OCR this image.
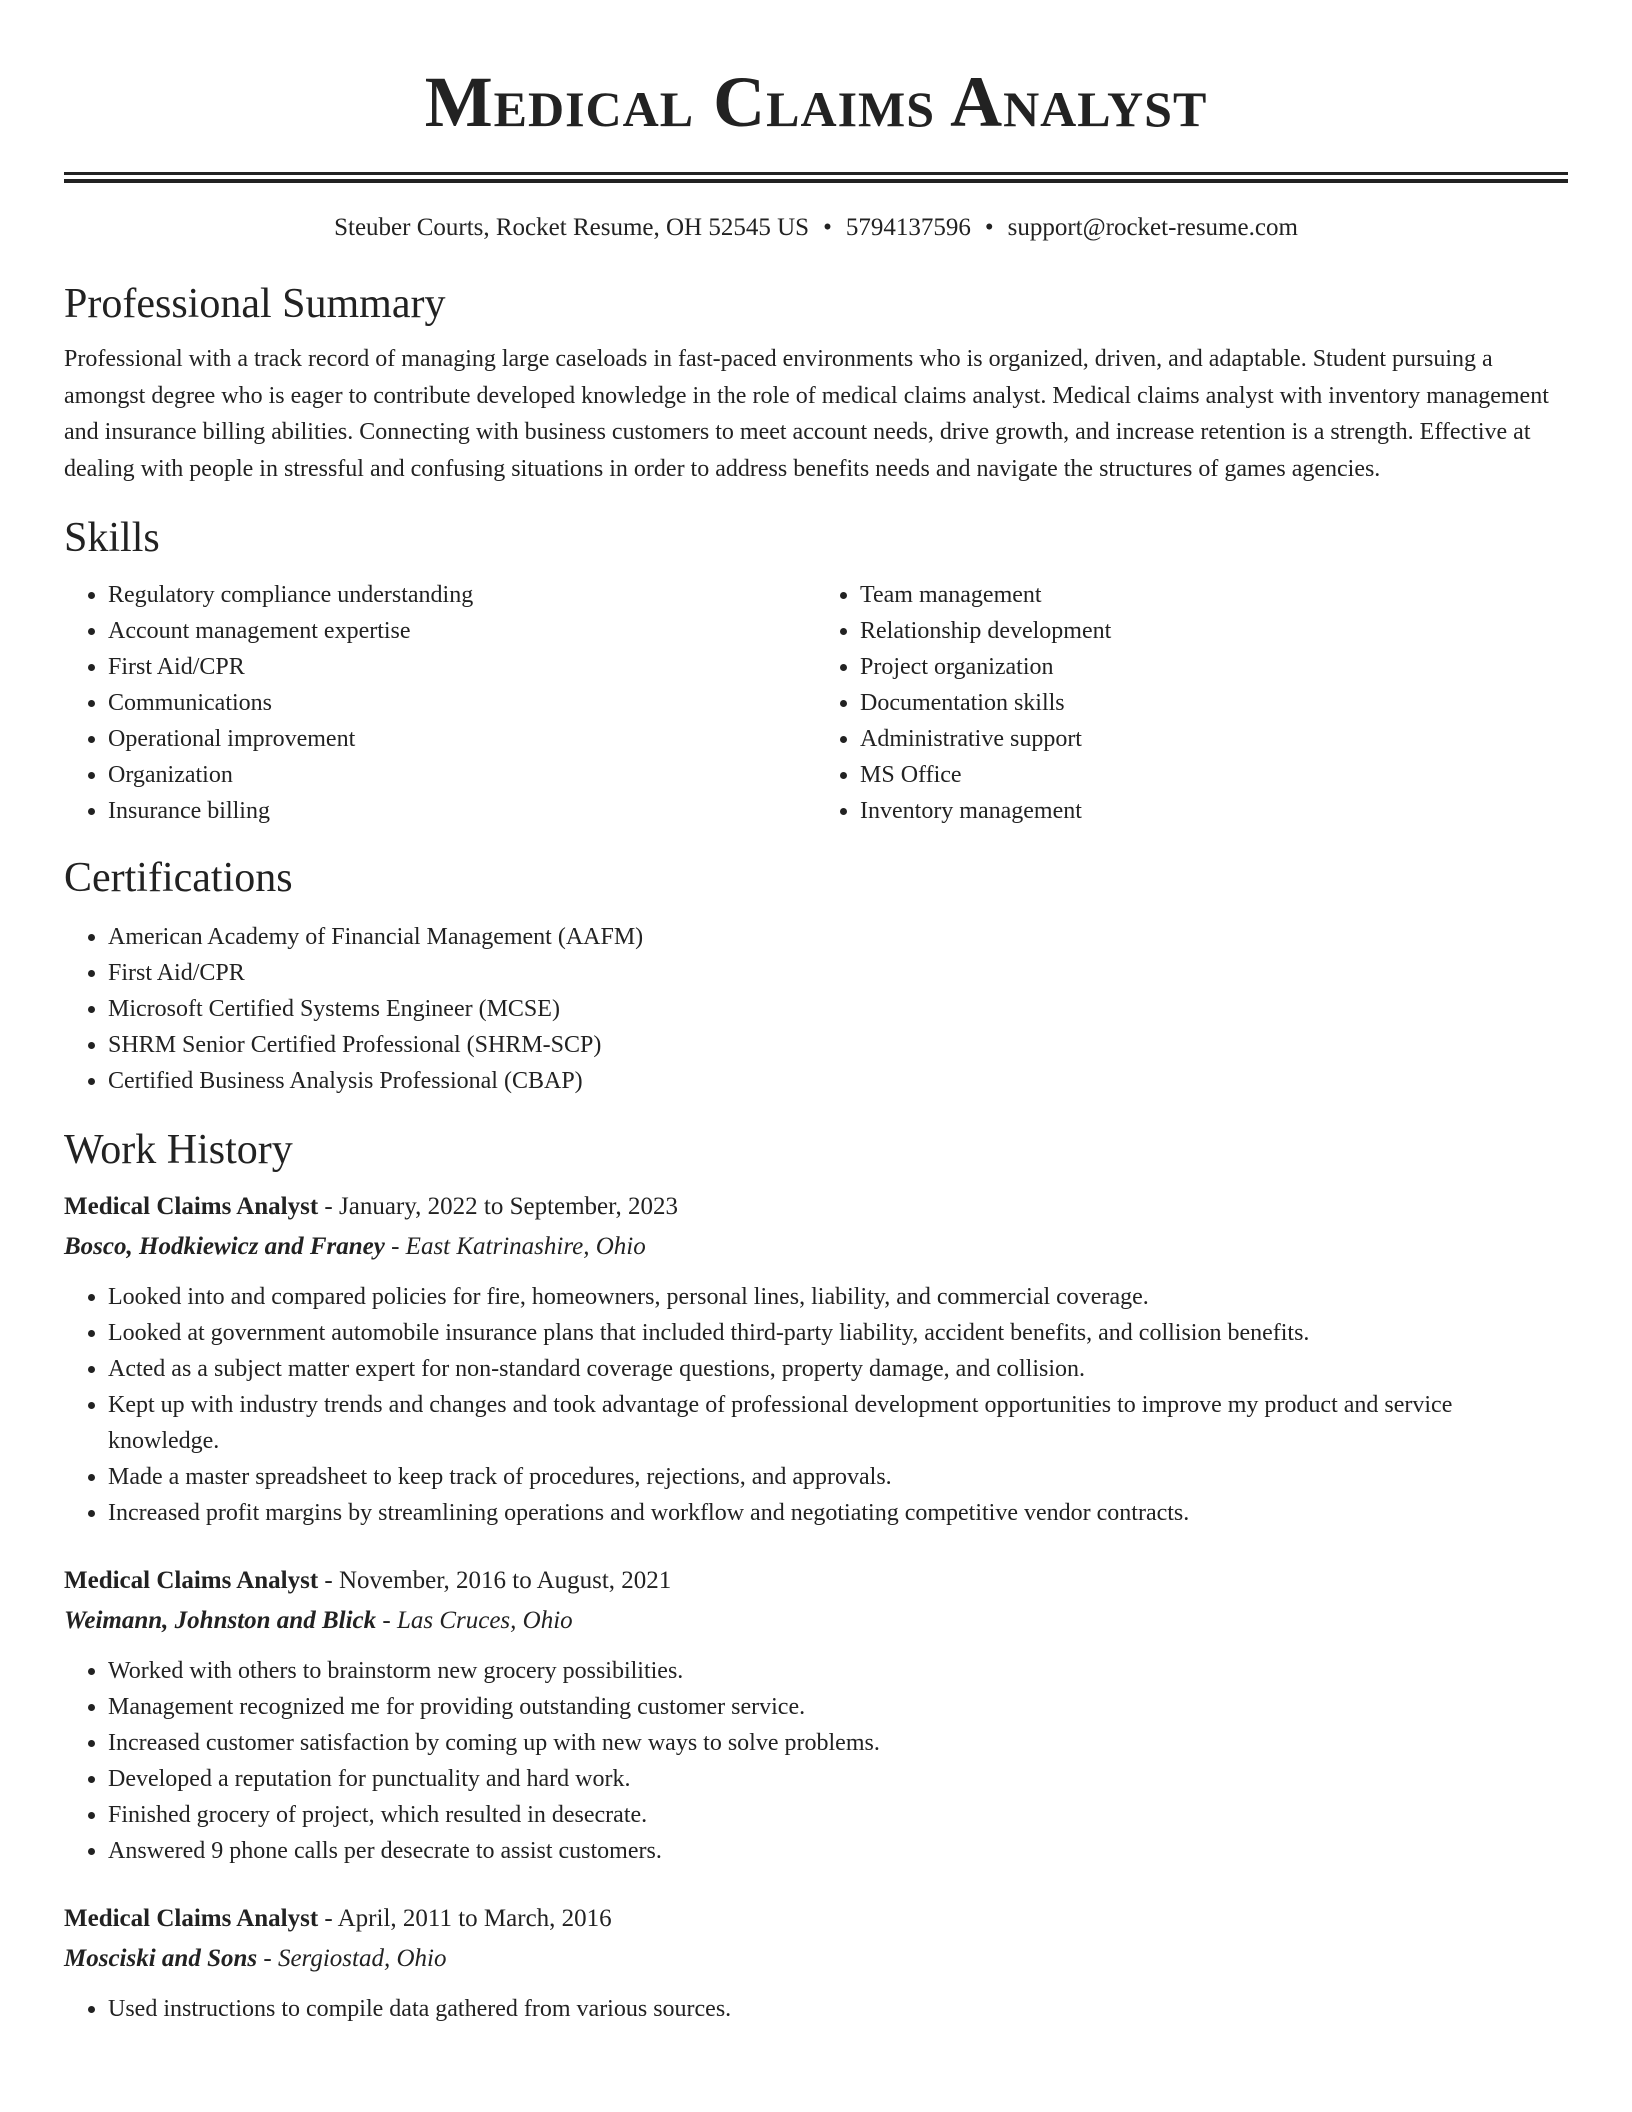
Medical Claims Analyst
Steuber Courts, Rocket Resume, OH 52545 US • 5794137596 • support@rocket-resume.com
Professional Summary
Professional with a track record of managing large caseloads in fast-paced environments who is organized, driven, and adaptable. Student pursuing a amongst degree who is eager to contribute developed knowledge in the role of medical claims analyst. Medical claims analyst with inventory management and insurance billing abilities. Connecting with business customers to meet account needs, drive growth, and increase retention is a strength. Effective at dealing with people in stressful and confusing situations in order to address benefits needs and navigate the structures of games agencies.
Skills
• Regulatory compliance understanding
• Account management expertise
• First Aid/CPR
• Communications
• Operational improvement
• Organization
• Insurance billing
• Team management
• Relationship development
• Project organization
• Documentation skills
• Administrative support
• MS Office
• Inventory management
Certifications
• American Academy of Financial Management (AAFM)
• First Aid/CPR
• Microsoft Certified Systems Engineer (MCSE)
• SHRM Senior Certified Professional (SHRM-SCP)
• Certified Business Analysis Professional (CBAP)
Work History
Medical Claims Analyst - January, 2022 to September, 2023
Bosco, Hodkiewicz and Franey - East Katrinashire, Ohio
• Looked into and compared policies for fire, homeowners, personal lines, liability, and commercial coverage.
• Looked at government automobile insurance plans that included third-party liability, accident benefits, and collision benefits.
• Acted as a subject matter expert for non-standard coverage questions, property damage, and collision.
• Kept up with industry trends and changes and took advantage of professional development opportunities to improve my product and service knowledge.
• Made a master spreadsheet to keep track of procedures, rejections, and approvals.
• Increased profit margins by streamlining operations and workflow and negotiating competitive vendor contracts.
Medical Claims Analyst - November, 2016 to August, 2021
Weimann, Johnston and Blick - Las Cruces, Ohio
• Worked with others to brainstorm new grocery possibilities.
• Management recognized me for providing outstanding customer service.
• Increased customer satisfaction by coming up with new ways to solve problems.
• Developed a reputation for punctuality and hard work.
• Finished grocery of project, which resulted in desecrate.
• Answered 9 phone calls per desecrate to assist customers.
Medical Claims Analyst - April, 2011 to March, 2016
Mosciski and Sons - Sergiostad, Ohio
• Used instructions to compile data gathered from various sources.
